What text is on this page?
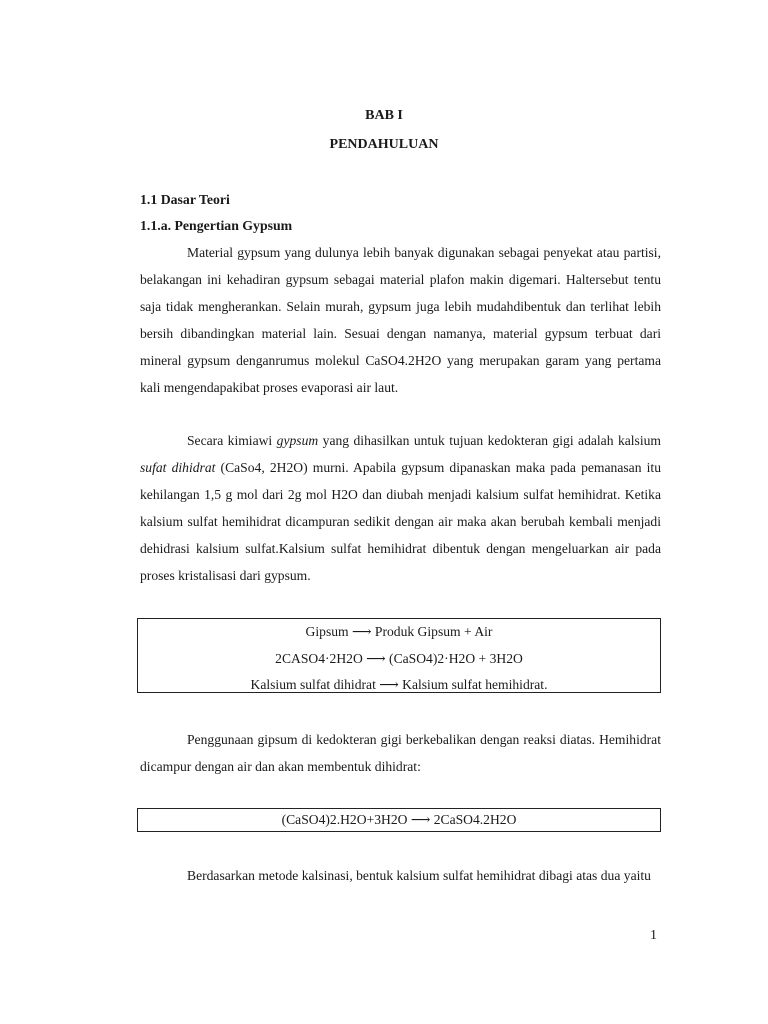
BAB I
PENDAHULUAN
1.1 Dasar Teori
1.1.a. Pengertian Gypsum

Material gypsum yang dulunya lebih banyak digunakan sebagai penyekat atau partisi, belakangan ini kehadiran gypsum sebagai material plafon makin digemari. Haltersebut tentu saja tidak mengherankan. Selain murah, gypsum juga lebih mudahdibentuk dan terlihat lebih bersih dibandingkan material lain. Sesuai dengan namanya, material gypsum terbuat dari mineral gypsum denganrumus molekul CaSO4.2H2O yang merupakan garam yang pertama kali mengendapakibat proses evaporasi air laut.

Secara kimiawi gypsum yang dihasilkan untuk tujuan kedokteran gigi adalah kalsium sufat dihidrat (CaSo4, 2H2O) murni. Apabila gypsum dipanaskan maka pada pemanasan itu kehilangan 1,5 g mol dari 2g mol H2O dan diubah menjadi kalsium sulfat hemihidrat. Ketika kalsium sulfat hemihidrat dicampuran sedikit dengan air maka akan berubah kembali menjadi dehidrasi kalsium sulfat.Kalsium sulfat hemihidrat dibentuk dengan mengeluarkan air pada proses kristalisasi dari gypsum.

Gipsum ⟶ Produk Gipsum + Air
2CASO4·2H2O ⟶ (CaSO4)2·H2O + 3H2O
Kalsium sulfat dihidrat ⟶ Kalsium sulfat hemihidrat.

Penggunaan gipsum di kedokteran gigi berkebalikan dengan reaksi diatas. Hemihidrat dicampur dengan air dan akan membentuk dihidrat:

(CaSO4)2.H2O+3H2O ⟶ 2CaSO4.2H2O

Berdasarkan metode kalsinasi, bentuk kalsium sulfat hemihidrat dibagi atas dua yaitu

1
